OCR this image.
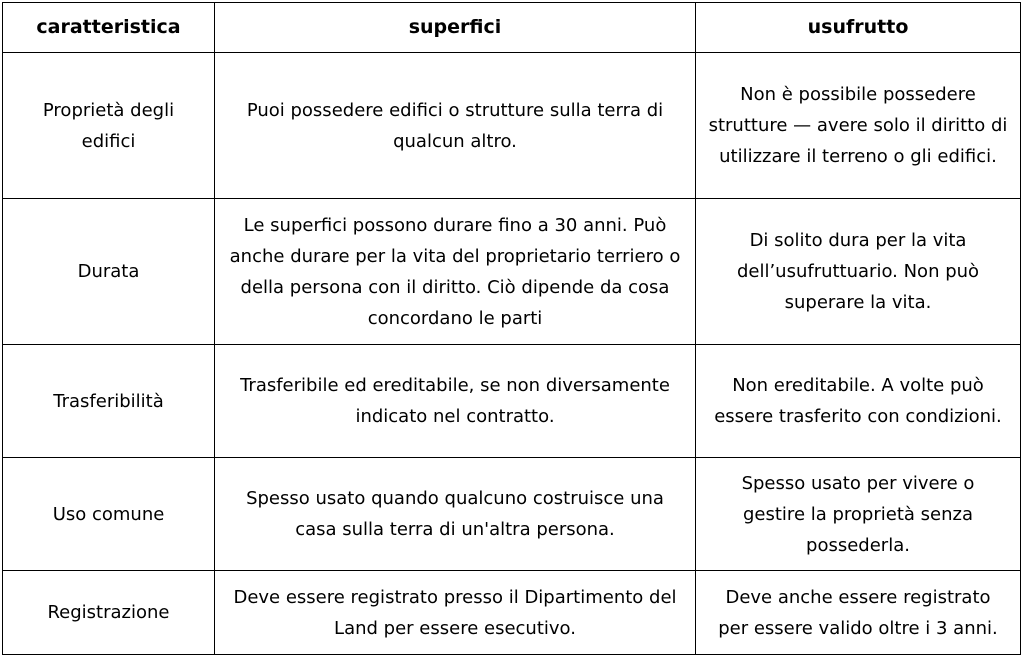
caratteristica	superfici	usufrutto
Proprietà degli edifici	Puoi possedere edifici o strutture sulla terra di qualcun altro.	Non è possibile possedere strutture — avere solo il diritto di utilizzare il terreno o gli edifici.
Durata	Le superfici possono durare fino a 30 anni. Può anche durare per la vita del proprietario terriero o della persona con il diritto. Ciò dipende da cosa concordano le parti	Di solito dura per la vita dell’usufruttuario. Non può superare la vita.
Trasferibilità	Trasferibile ed ereditabile, se non diversamente indicato nel contratto.	Non ereditabile. A volte può essere trasferito con condizioni.
Uso comune	Spesso usato quando qualcuno costruisce una casa sulla terra di un'altra persona.	Spesso usato per vivere o gestire la proprietà senza possederla.
Registrazione	Deve essere registrato presso il Dipartimento del Land per essere esecutivo.	Deve anche essere registrato per essere valido oltre i 3 anni.
